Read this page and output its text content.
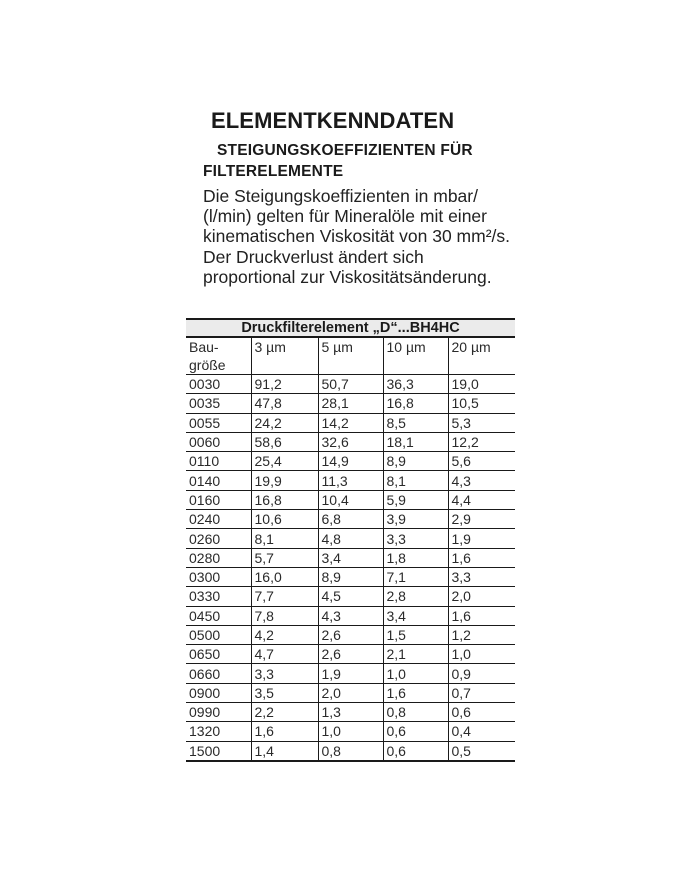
ELEMENTKENNDATEN
STEIGUNGSKOEFFIZIENTEN FÜR FILTERELEMENTE

Die Steigungskoeffizienten in mbar/ (l/min) gelten für Mineralöle mit einer kinematischen Viskosität von 30 mm²/s. Der Druckverlust ändert sich proportional zur Viskositätsänderung.

Druckfilterelement „D“...BH4HC				
Bau- größe	3 µm	5 µm	10 µm	20 µm
0030	91,2	50,7	36,3	19,0
0035	47,8	28,1	16,8	10,5
0055	24,2	14,2	8,5	5,3
0060	58,6	32,6	18,1	12,2
0110	25,4	14,9	8,9	5,6
0140	19,9	11,3	8,1	4,3
0160	16,8	10,4	5,9	4,4
0240	10,6	6,8	3,9	2,9
0260	8,1	4,8	3,3	1,9
0280	5,7	3,4	1,8	1,6
0300	16,0	8,9	7,1	3,3
0330	7,7	4,5	2,8	2,0
0450	7,8	4,3	3,4	1,6
0500	4,2	2,6	1,5	1,2
0650	4,7	2,6	2,1	1,0
0660	3,3	1,9	1,0	0,9
0900	3,5	2,0	1,6	0,7
0990	2,2	1,3	0,8	0,6
1320	1,6	1,0	0,6	0,4
1500	1,4	0,8	0,6	0,5
